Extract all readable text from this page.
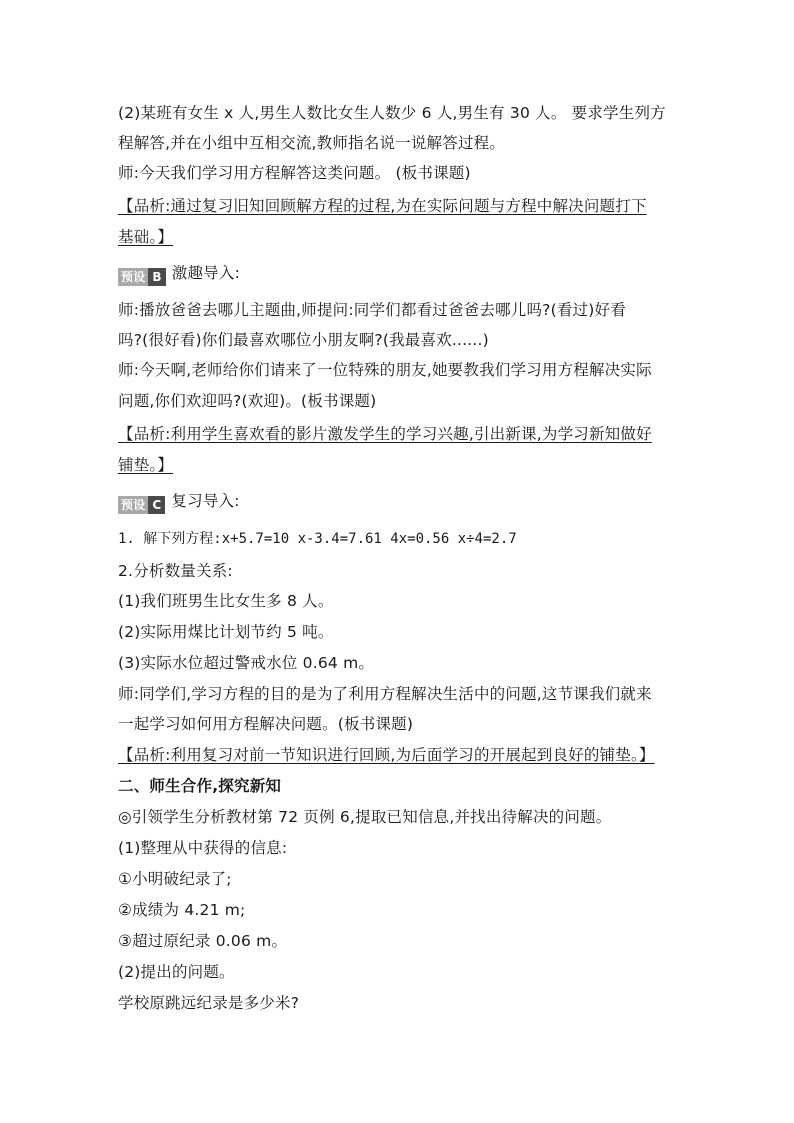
(2)某班有女生 x 人,男生人数比女生人数少 6 人,男生有 30 人。 要求学生列方
程解答,并在小组中互相交流,教师指名说一说解答过程。
师:今天我们学习用方程解答这类问题。 (板书课题)
【品析:通过复习旧知回顾解方程的过程,为在实际问题与方程中解决问题打下
基础。】
预设 B 激趣导入:
师:播放爸爸去哪儿主题曲,师提问:同学们都看过爸爸去哪儿吗?(看过)好看
吗?(很好看)你们最喜欢哪位小朋友啊?(我最喜欢......)
师:今天啊,老师给你们请来了一位特殊的朋友,她要教我们学习用方程解决实际
问题,你们欢迎吗?(欢迎)。(板书课题)
【品析:利用学生喜欢看的影片激发学生的学习兴趣,引出新课,为学习新知做好
铺垫。】
预设 C 复习导入:
1. 解下列方程:x+5.7=10 x-3.4=7.61 4x=0.56 x÷4=2.7
2.分析数量关系:
(1)我们班男生比女生多 8 人。
(2)实际用煤比计划节约 5 吨。
(3)实际水位超过警戒水位 0.64 m。
师:同学们,学习方程的目的是为了利用方程解决生活中的问题,这节课我们就来
一起学习如何用方程解决问题。(板书课题)
【品析:利用复习对前一节知识进行回顾,为后面学习的开展起到良好的铺垫。】
二、师生合作,探究新知
◎引领学生分析教材第 72 页例 6,提取已知信息,并找出待解决的问题。
(1)整理从中获得的信息:
①小明破纪录了;
②成绩为 4.21 m;
③超过原纪录 0.06 m。
(2)提出的问题。
学校原跳远纪录是多少米?
